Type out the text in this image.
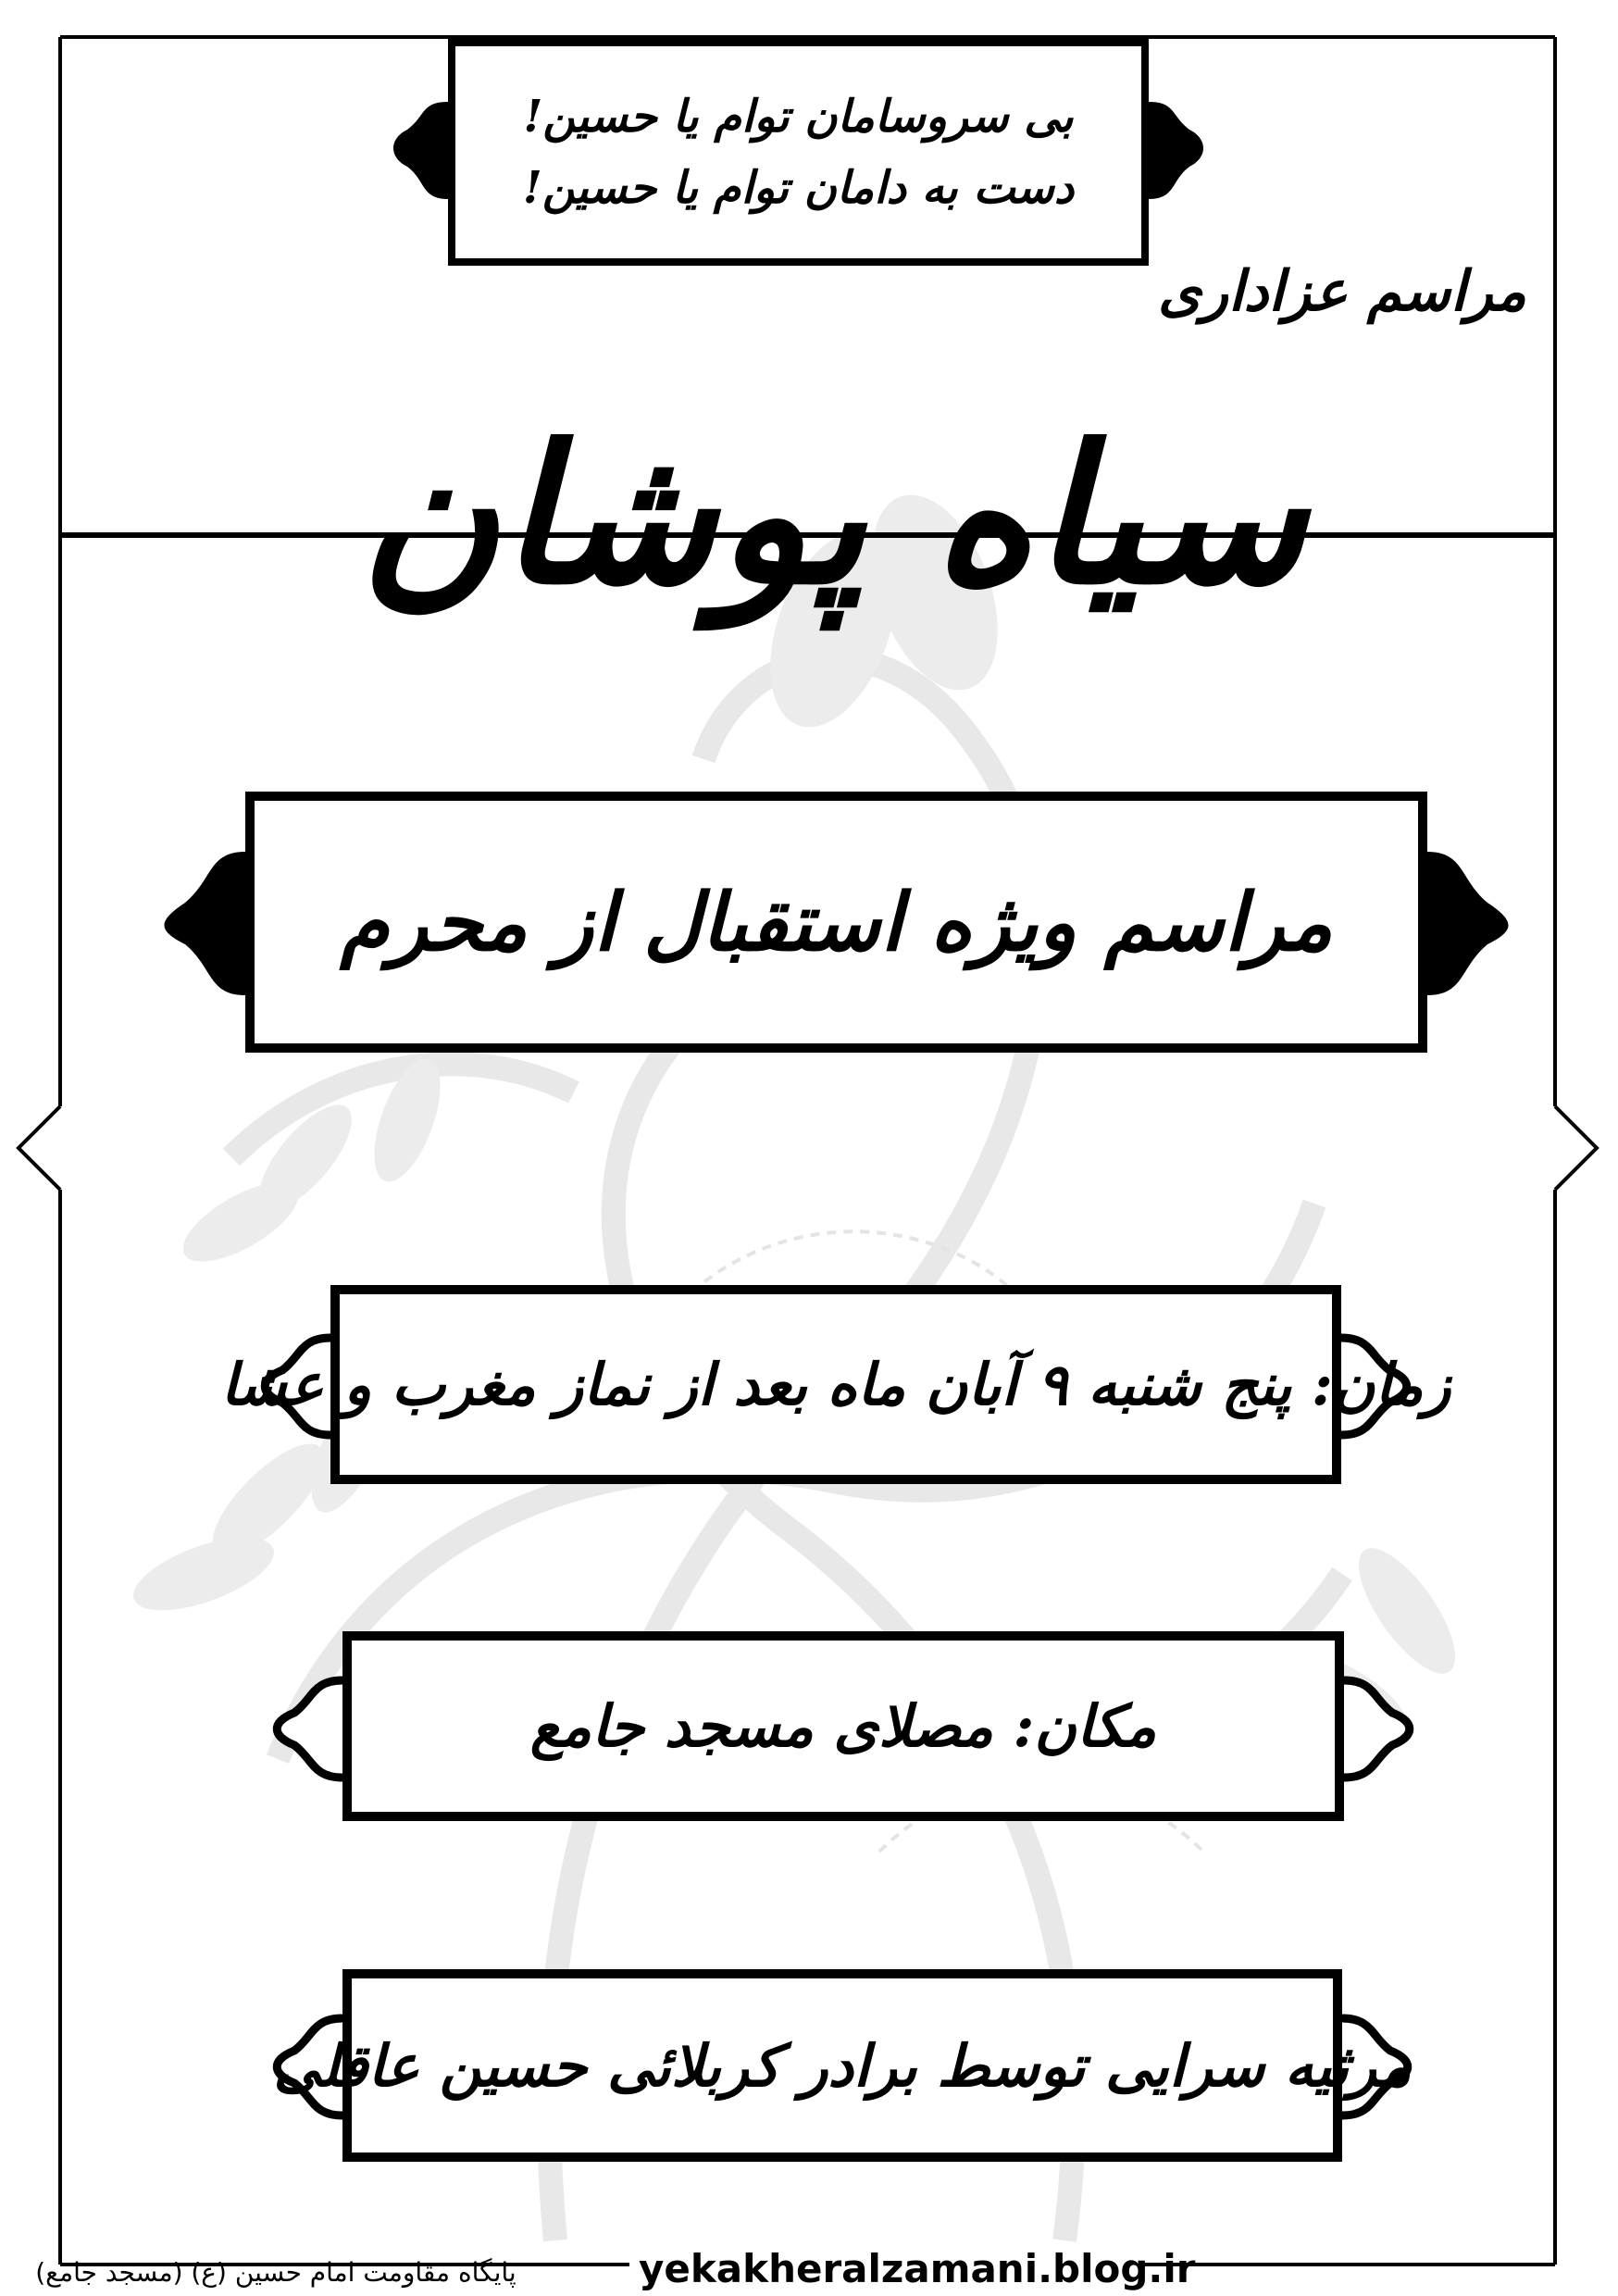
بی سروسامان توام یا حسین!
دست به دامان توام یا حسین!
مراسم عزاداری
سیاه پوشان
مراسم ویژه استقبال از محرم
زمان: پنج شنبه ۹ آبان ماه بعد از نماز مغرب و عشا
مکان: مصلای مسجد جامع
مرثیه سرایی توسط برادر کربلائی حسین عاقلی
پایگاه مقاومت امام حسین (ع) (مسجد جامع)	yekakheralzamani.blog.ir
